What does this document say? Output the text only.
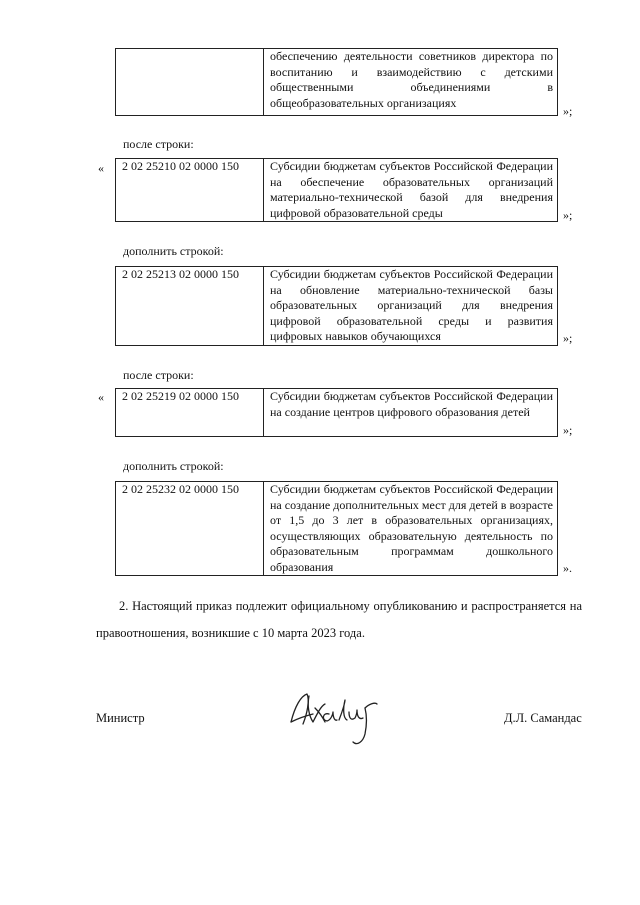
	обеспечению деятельности советников директора по воспитанию и взаимодействию с детскими общественными объединениями в общеобразовательных организациях
»;
после строки:
« 2 02 25210 02 0000 150	Субсидии бюджетам субъектов Российской Федерации на обеспечение образовательных организаций материально-технической базой для внедрения цифровой образовательной среды	»;
дополнить строкой:
2 02 25213 02 0000 150	Субсидии бюджетам субъектов Российской Федерации на обновление материально-технической базы образовательных организаций для внедрения цифровой образовательной среды и развития цифровых навыков обучающихся	»;
после строки:
« 2 02 25219 02 0000 150	Субсидии бюджетам субъектов Российской Федерации на создание центров цифрового образования детей
»;
дополнить строкой:
2 02 25232 02 0000 150	Субсидии бюджетам субъектов Российской Федерации на создание дополнительных мест для детей в возрасте от 1,5 до 3 лет в образовательных организациях, осуществляющих образовательную деятельность по образовательным программам дошкольного образования	».
2. Настоящий приказ подлежит официальному опубликованию и распространяется на правоотношения, возникшие с 10 марта 2023 года.
Министр	Д.Л. Самандас
